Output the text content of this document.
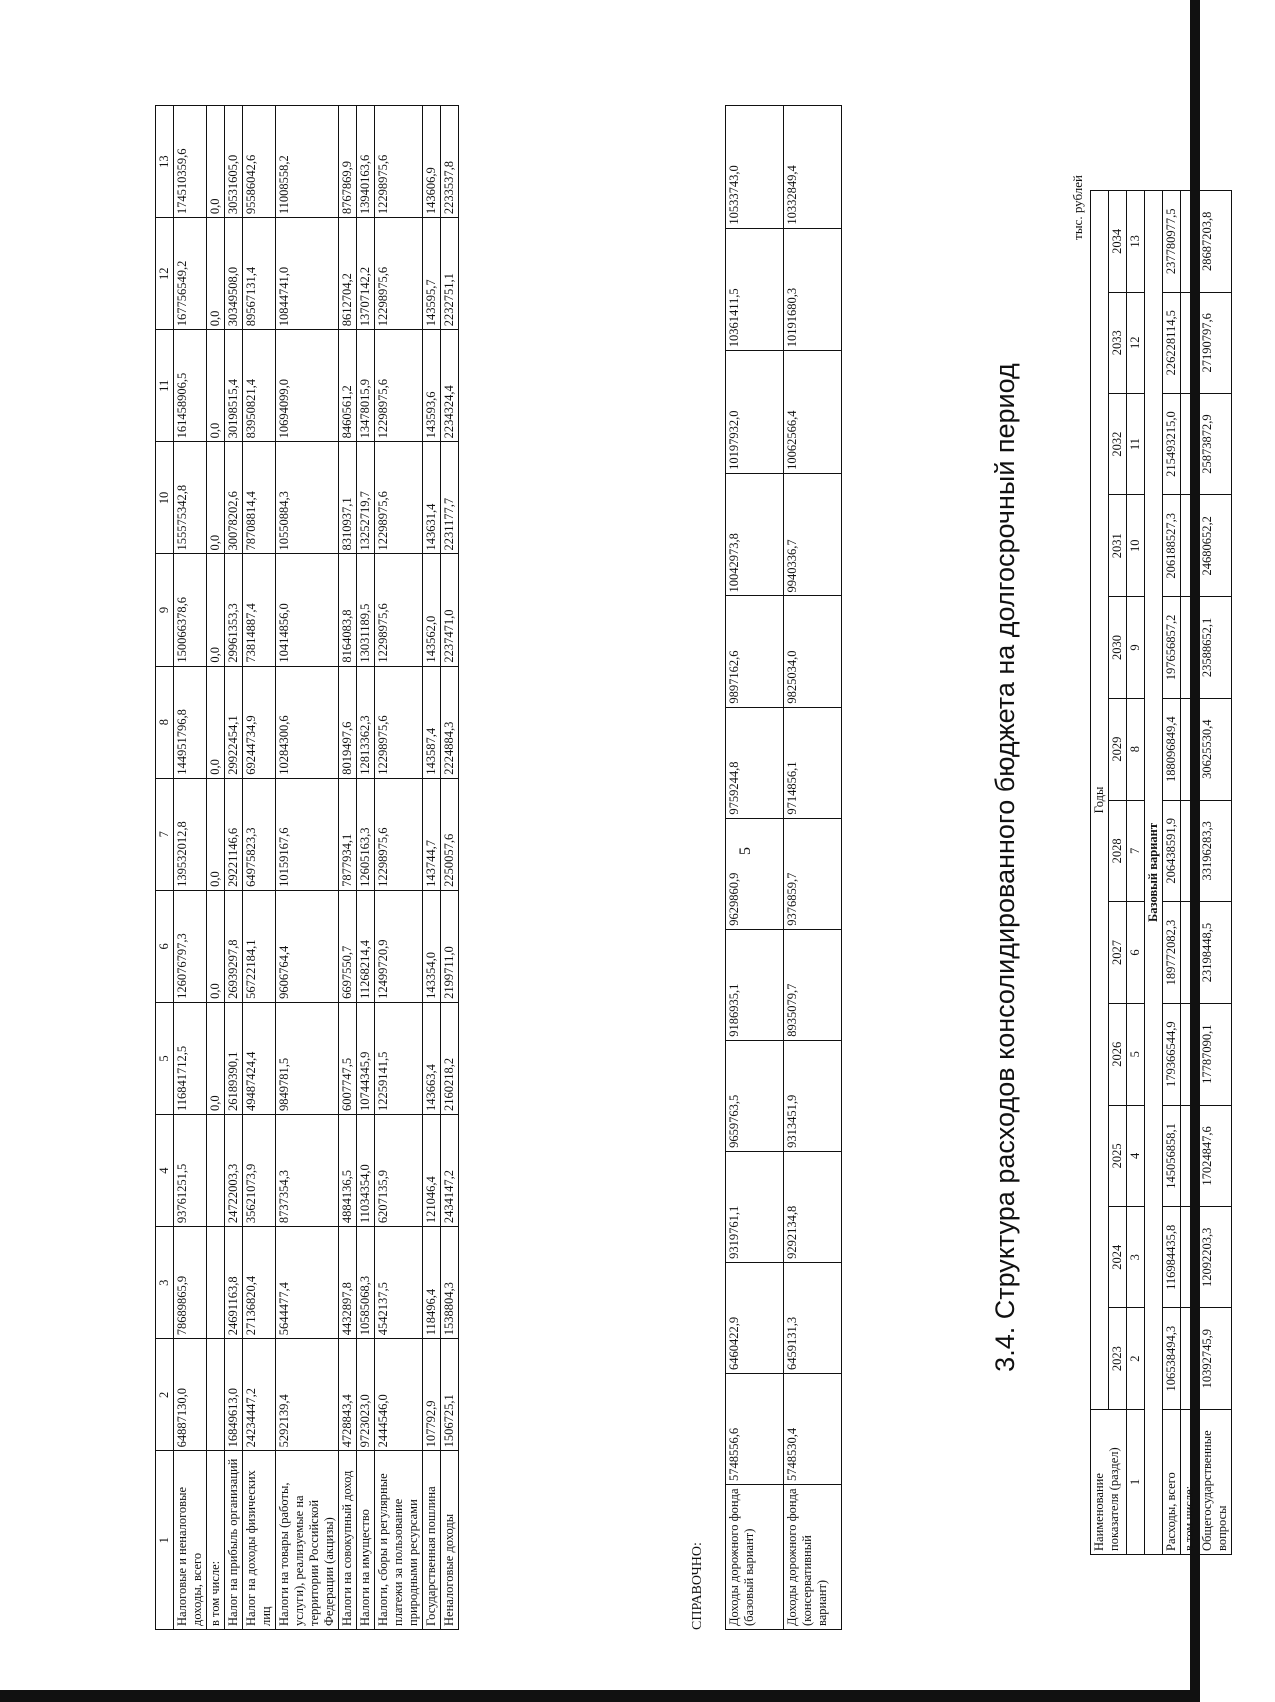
5
1	2	3	4	5	6	7	8	9	10	11	12	13
Налоговые и неналоговые доходы, всего	64887130,0	78689865,9	93761251,5	116841712,5	126076797,3	139532012,8	144951796,8	150066378,6	155575342,8	161458906,5	167756549,2	174510359,6
в том числе:				0,0	0,0	0,0	0,0	0,0	0,0	0,0	0,0	0,0
Налог на прибыль организаций	16849613,0	24691163,8	24722003,3	26189390,1	26939297,8	29221146,6	29922454,1	29961353,3	30078202,6	30198515,4	30349508,0	30531605,0
Налог на доходы физических лиц	24234447,2	27136820,4	35621073,9	49487424,4	56722184,1	64975823,3	69244734,9	73814887,4	78708814,4	83950821,4	89567131,4	95586042,6
Налоги на товары (работы, услуги), реализуемые на территории Российской Федерации (акцизы)	5292139,4	5644477,4	8737354,3	9849781,5	9606764,4	10159167,6	10284300,6	10414856,0	10550884,3	10694099,0	10844741,0	11008558,2
Налоги на совокупный доход	4728843,4	4432897,8	4884136,5	6007747,5	6697550,7	7877934,1	8019497,6	8164083,8	8310937,1	8460561,2	8612704,2	8767869,9
Налоги на имущество	9723023,0	10585068,3	11034354,0	10744345,9	11268214,4	12605163,3	12813362,3	13031189,5	13252719,7	13478015,9	13707142,2	13940163,6
Налоги, сборы и регулярные платежи за пользование природными ресурсами	2444546,0	4542137,5	6207135,9	12259141,5	12499720,9	12298975,6	12298975,6	12298975,6	12298975,6	12298975,6	12298975,6	12298975,6
Государственная пошлина	107792,9	118496,4	121046,4	143663,4	143354,0	143744,7	143587,4	143562,0	143631,4	143593,6	143595,7	143606,9
Неналоговые доходы	1506725,1	1538804,3	2434147,2	2160218,2	2199711,0	2250057,6	2224884,3	2237471,0	2231177,7	2234324,4	2232751,1	2233537,8
СПРАВОЧНО: Доходы дорожного фонда (базовый вариант)	5748556,6	6460422,9	9319761,1	9659763,5	9186935,1	9629860,9	9759244,8	9897162,6	10042973,8	10197932,0	10361411,5	10533743,0
Доходы дорожного фонда (консервативный вариант)	5748530,4	6459131,3	9292134,8	9313451,9	8935079,7	9376859,7	9714856,1	9825034,0	9940336,7	10062566,4	10191680,3	10332849,4
3.4. Структура расходов консолидированного бюджета на долгосрочный период
тыс. рублей
Наименование показателя (раздел)	Годы											
	2023	2024	2025	2026	2027	2028	2029	2030	2031	2032	2033	2034
1	2	3	4	5	6	7	8	9	10	11	12	13
Базовый вариант												
Расходы, всего	106538494,3	116984435,8	145056858,1	179366544,9	189772082,3	206438591,9	188096849,4	197656857,2	206188527,3	215493215,0	226228114,5	237780977,5
в том числе:												
Общегосударственные вопросы	10392745,9	12092203,3	17024847,6	17787090,1	23198448,5	33196283,3	30625530,4	23588652,1	24680652,2	25873872,9	27190797,6	28687203,8
